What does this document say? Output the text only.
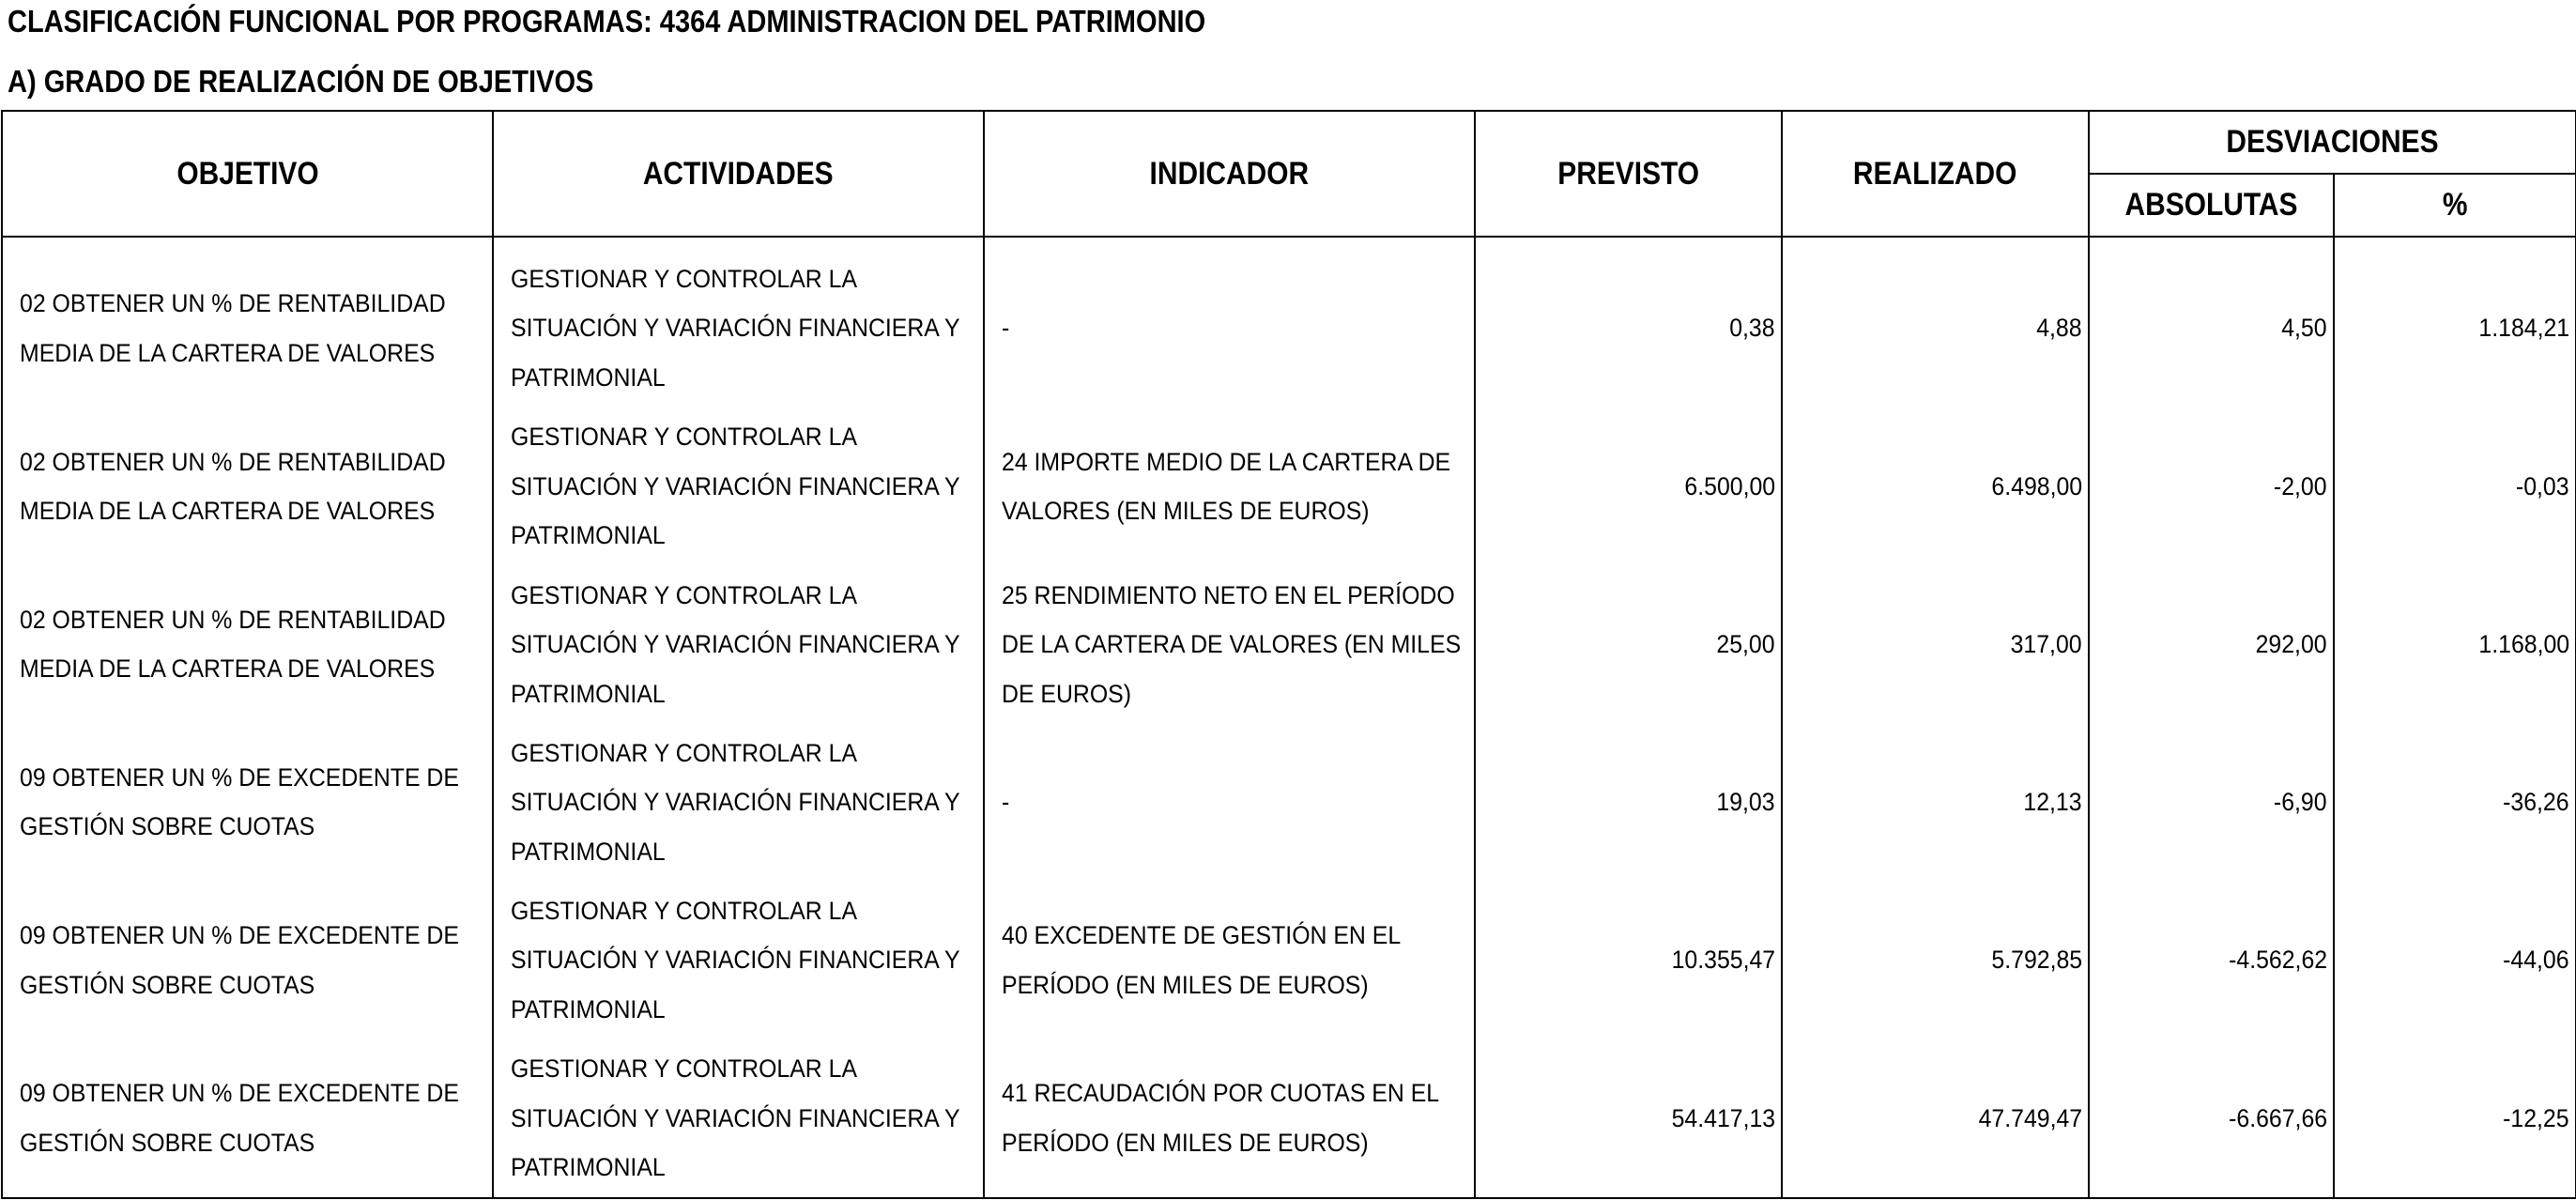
CLASIFICACIÓN FUNCIONAL POR PROGRAMAS: 4364 ADMINISTRACION DEL PATRIMONIO
A) GRADO DE REALIZACIÓN DE OBJETIVOS
OBJETIVO	ACTIVIDADES	INDICADOR	PREVISTO	REALIZADO	DESVIACIONES	
					ABSOLUTAS	%
02 OBTENER UN % DE RENTABILIDAD MEDIA DE LA CARTERA DE VALORES	GESTIONAR Y CONTROLAR LA SITUACIÓN Y VARIACIÓN FINANCIERA Y PATRIMONIAL	-	0,38	4,88	4,50	1.184,21
02 OBTENER UN % DE RENTABILIDAD MEDIA DE LA CARTERA DE VALORES	GESTIONAR Y CONTROLAR LA SITUACIÓN Y VARIACIÓN FINANCIERA Y PATRIMONIAL	24 IMPORTE MEDIO DE LA CARTERA DE VALORES (EN MILES DE EUROS)	6.500,00	6.498,00	-2,00	-0,03
02 OBTENER UN % DE RENTABILIDAD MEDIA DE LA CARTERA DE VALORES	GESTIONAR Y CONTROLAR LA SITUACIÓN Y VARIACIÓN FINANCIERA Y PATRIMONIAL	25 RENDIMIENTO NETO EN EL PERÍODO DE LA CARTERA DE VALORES (EN MILES DE EUROS)	25,00	317,00	292,00	1.168,00
09 OBTENER UN % DE EXCEDENTE DE GESTIÓN SOBRE CUOTAS	GESTIONAR Y CONTROLAR LA SITUACIÓN Y VARIACIÓN FINANCIERA Y PATRIMONIAL	-	19,03	12,13	-6,90	-36,26
09 OBTENER UN % DE EXCEDENTE DE GESTIÓN SOBRE CUOTAS	GESTIONAR Y CONTROLAR LA SITUACIÓN Y VARIACIÓN FINANCIERA Y PATRIMONIAL	40 EXCEDENTE DE GESTIÓN EN EL PERÍODO (EN MILES DE EUROS)	10.355,47	5.792,85	-4.562,62	-44,06
09 OBTENER UN % DE EXCEDENTE DE GESTIÓN SOBRE CUOTAS	GESTIONAR Y CONTROLAR LA SITUACIÓN Y VARIACIÓN FINANCIERA Y PATRIMONIAL	41 RECAUDACIÓN POR CUOTAS EN EL PERÍODO (EN MILES DE EUROS)	54.417,13	47.749,47	-6.667,66	-12,25
